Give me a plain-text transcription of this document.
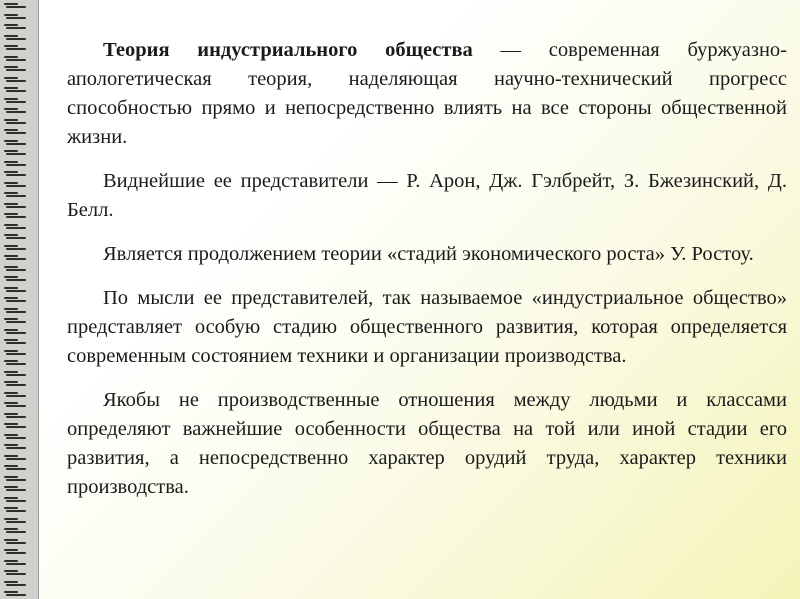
Теория индустриального общества — современная буржуазно-апологетическая теория, наделяющая научно-технический прогресс способностью прямо и непосредственно влиять на все стороны общественной жизни.

Виднейшие ее представители — Р. Арон, Дж. Гэлбрейт, З. Бжезинский, Д. Белл.

Является продолжением теории «стадий экономического роста» У. Ростоу.

По мысли ее представителей, так называемое «индустриальное общество» представляет особую стадию общественного развития, которая определяется современным состоянием техники и организации производства.

Якобы не производственные отношения между людьми и классами определяют важнейшие особенности общества на той или иной стадии его развития, а непосредственно характер орудий труда, характер техники производства.
